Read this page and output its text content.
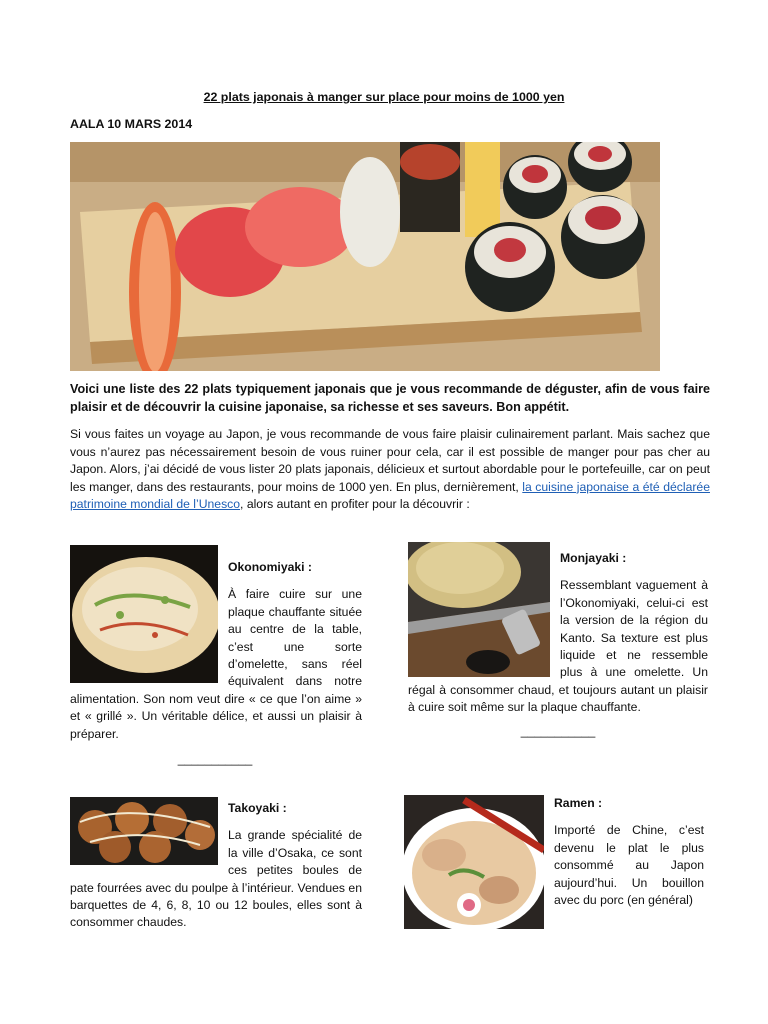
22 plats japonais à manger sur place pour moins de 1000 yen
AALA 10 MARS 2014
Voici une liste des 22 plats typiquement japonais que je vous recommande de déguster, afin de vous faire plaisir et de découvrir la cuisine japonaise, sa richesse et ses saveurs. Bon appétit.
Si vous faites un voyage au Japon, je vous recommande de vous faire plaisir culinairement parlant. Mais sachez que vous n’aurez pas nécessairement besoin de vous ruiner pour cela, car il est possible de manger pour pas cher au Japon. Alors, j’ai décidé de vous lister 20 plats japonais, délicieux et surtout abordable pour le portefeuille, car on peut les manger, dans des restaurants, pour moins de 1000 yen. En plus, dernièrement, la cuisine japonaise a été déclarée patrimoine mondial de l’Unesco, alors autant en profiter pour la découvrir :
Okonomiyaki :
À faire cuire sur une plaque chauffante située au centre de la table, c’est une sorte d’omelette, sans réel équivalent dans notre alimentation. Son nom veut dire « ce que l’on aime » et « grillé ». Un véritable délice, et aussi un plaisir à préparer.
___________
Monjayaki :
Ressemblant vaguement à l’Okonomiyaki, celui-ci est la version de la région du Kanto. Sa texture est plus liquide et ne ressemble plus à une omelette. Un régal à consommer chaud, et toujours autant un plaisir à cuire soit même sur la plaque chauffante.
___________
Takoyaki :
La grande spécialité de la ville d’Osaka, ce sont ces petites boules de pate fourrées avec du poulpe à l’intérieur. Vendues en barquettes de 4, 6, 8, 10 ou 12 boules, elles sont à consommer chaudes.
Ramen :
Importé de Chine, c’est devenu le plat le plus consommé au Japon aujourd’hui. Un bouillon avec du porc (en général)
